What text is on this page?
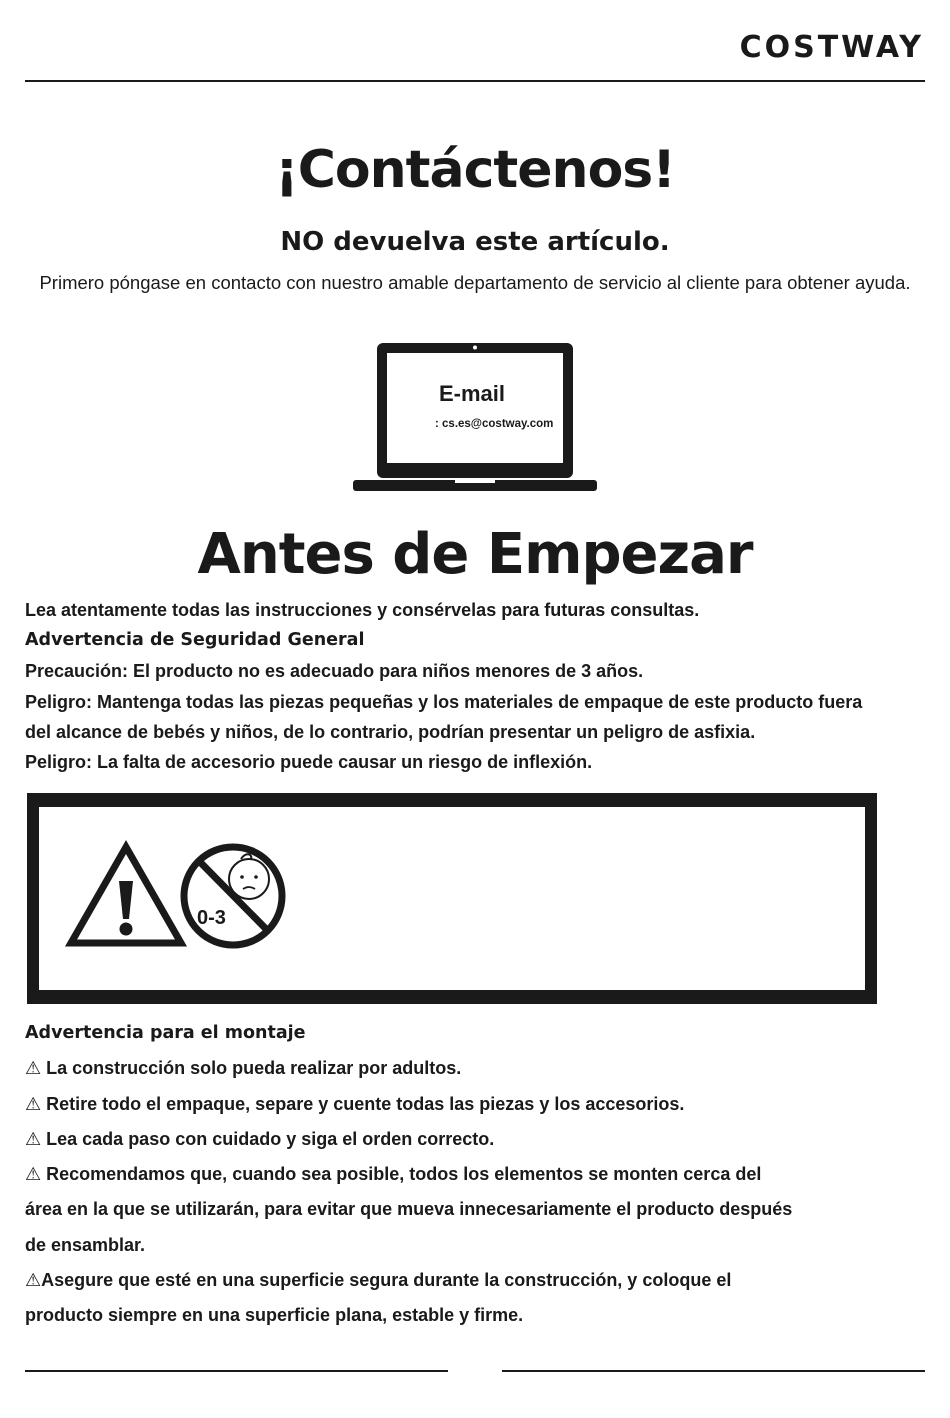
COSTWAY
¡Contáctenos!
NO devuelva este artículo.
Primero póngase en contacto con nuestro amable departamento de servicio al cliente para obtener ayuda.
E-mail
: cs.es@costway.com
Antes de Empezar
Lea atentamente todas las instrucciones y consérvelas para futuras consultas.
Advertencia de Seguridad General
Precaución: El producto no es adecuado para niños menores de 3 años.
Peligro: Mantenga todas las piezas pequeñas y los materiales de empaque de este producto fuera
del alcance de bebés y niños, de lo contrario, podrían presentar un peligro de asfixia.
Peligro: La falta de accesorio puede causar un riesgo de inflexión.
0-3
Advertencia para el montaje
⚠ La construcción solo pueda realizar por adultos.
⚠ Retire todo el empaque, separe y cuente todas las piezas y los accesorios.
⚠ Lea cada paso con cuidado y siga el orden correcto.
⚠ Recomendamos que, cuando sea posible, todos los elementos se monten cerca del
área en la que se utilizarán, para evitar que mueva innecesariamente el producto después
de ensamblar.
⚠Asegure que esté en una superficie segura durante la construcción, y coloque el
producto siempre en una superficie plana, estable y firme.
